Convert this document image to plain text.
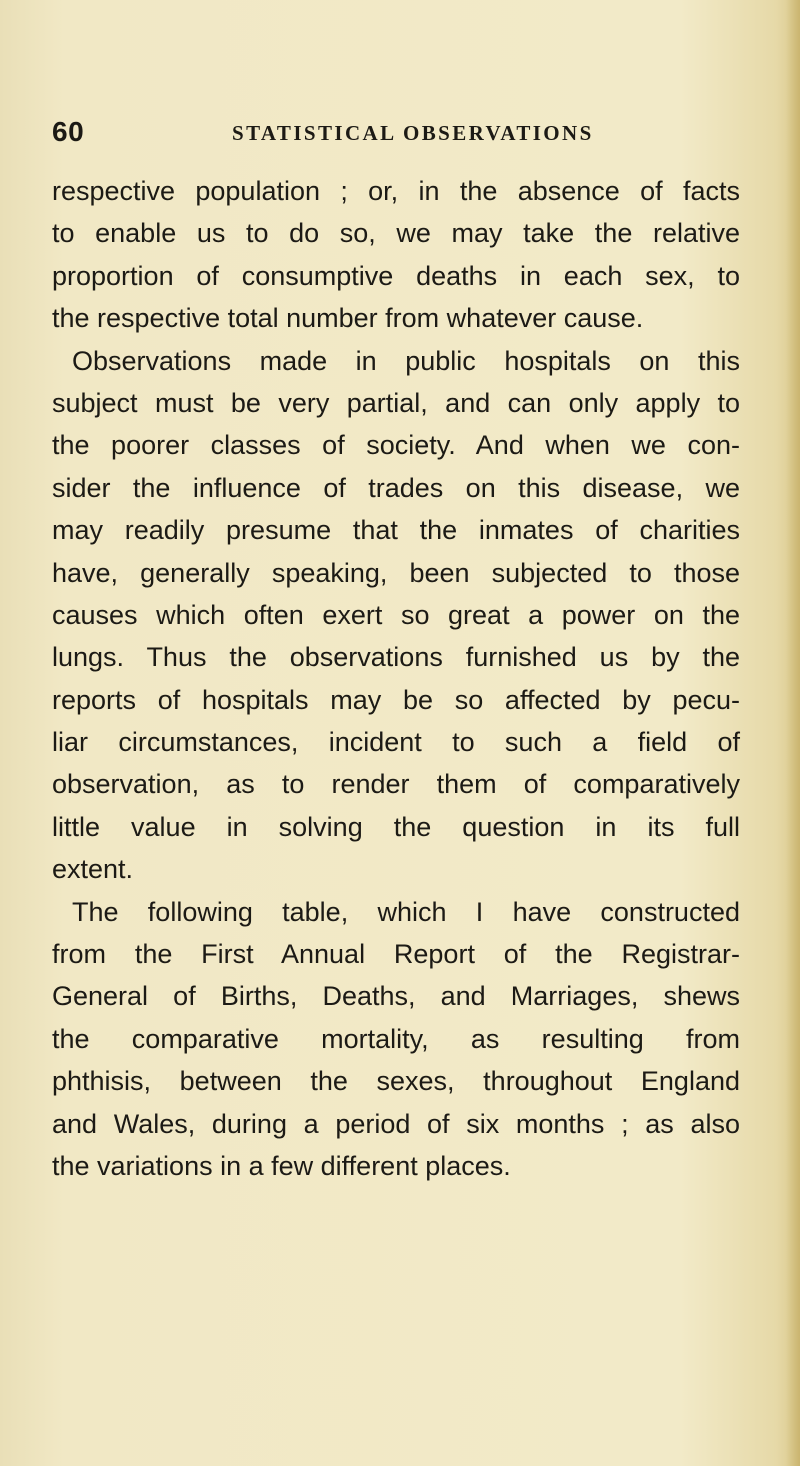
60	STATISTICAL OBSERVATIONS
respective population ; or, in the absence of facts
to enable us to do so, we may take the relative
proportion of consumptive deaths in each sex, to
the respective total number from whatever cause.
Observations made in public hospitals on this
subject must be very partial, and can only apply to
the poorer classes of society. And when we con-
sider the influence of trades on this disease, we
may readily presume that the inmates of charities
have, generally speaking, been subjected to those
causes which often exert so great a power on the
lungs. Thus the observations furnished us by the
reports of hospitals may be so affected by pecu-
liar circumstances, incident to such a field of
observation, as to render them of comparatively
little value in solving the question in its full
extent.
The following table, which I have constructed
from the First Annual Report of the Registrar-
General of Births, Deaths, and Marriages, shews
the comparative mortality, as resulting from
phthisis, between the sexes, throughout England
and Wales, during a period of six months ; as also
the variations in a few different places.
